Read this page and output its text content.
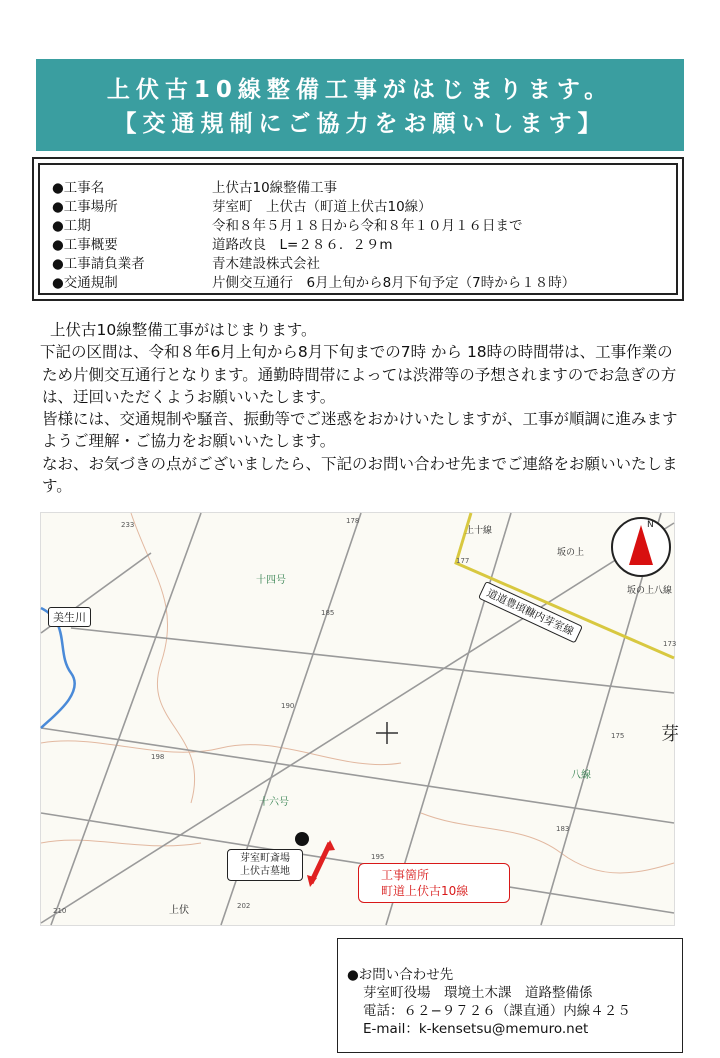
上伏古10線整備工事がはじまります。
【交通規制にご協力をお願いします】
●工事名	上伏古10線整備工事
●工事場所	芽室町　上伏古（町道上伏古10線）
●工期	令和８年５月１８日から令和８年１０月１６日まで
●工事概要	道路改良　L=２８６．２９m
●工事請負業者	青木建設株式会社
●交通規制	片側交互通行　6月上旬から8月下旬予定（7時から１８時）

上伏古10線整備工事がはじまります。

下記の区間は、令和８年6月上旬から8月下旬までの7時 から 18時の時間帯は、工事作業のため片側交互通行となります。通勤時間帯によっては渋滞等の予想されますのでお急ぎの方は、迂回いただくようお願いいたします。

皆様には、交通規制や騒音、振動等でご迷惑をおかけいたしますが、工事が順調に進みますようご理解・ご協力をお願いいたします。

なお、お気づきの点がございましたら、下記のお問い合わせ先までご連絡をお願いいたします。

N
十四号
十六号
八線
上十線
坂の上
坂の上八線
芽
上伏
233	178
177
185
173
190
175
198
183
195
202
210
美生川	道道豊頃糠内芽室線
芽室町斎場
上伏古墓地	工事箇所
町道上伏古10線
●お問い合わせ先
芽室町役場　環境土木課　道路整備係
電話：６２−９７２６（課直通）内線４２５
E-mail：k-kensetsu@memuro.net
